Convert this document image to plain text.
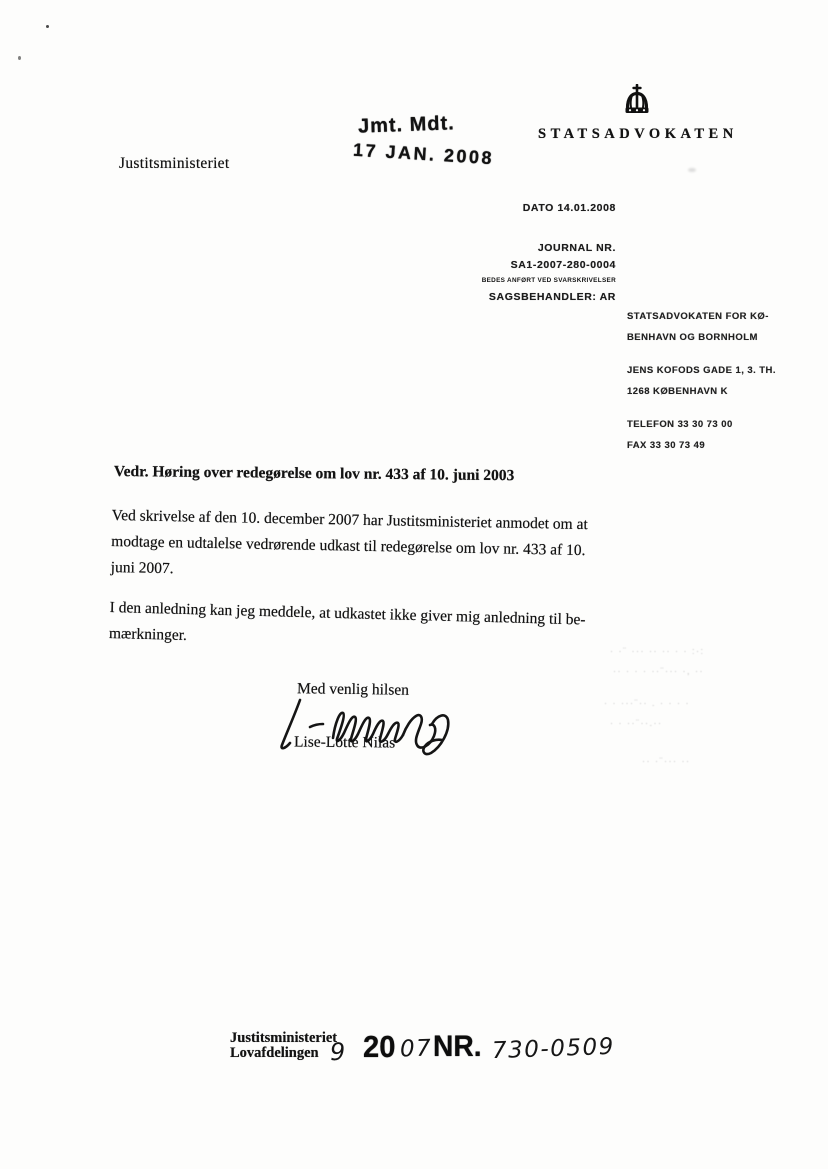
Justitsministeriet
Jmt. Mdt.
17 JAN. 2008
STATSADVOKATEN
DATO 14.01.2008
JOURNAL NR.
SA1-2007-280-0004
BEDES ANFØRT VED SVARSKRIVELSER
SAGSBEHANDLER: AR
STATSADVOKATEN FOR KØ-
BENHAVN OG BORNHOLM
JENS KOFODS GADE 1, 3. TH.
1268 KØBENHAVN K
TELEFON 33 30 73 00
FAX 33 30 73 49
Vedr. Høring over redegørelse om lov nr. 433 af 10. juni 2003
Ved skrivelse af den 10. december 2007 har Justitsministeriet anmodet om at
modtage en udtalelse vedrørende udkast til redegørelse om lov nr. 433 af 10.
juni 2007.
I den anledning kan jeg meddele, at udkastet ikke giver mig anledning til be-
mærkninger.
Med venlig hilsen
Lise-Lotte Nilas
· ·¨ ··· ·· ·· · · :·:
·· · · · ··¨··· ·, ··
· · ···¨·· . · · · ·
· · ··¨··.··
·· ·¨··· ··
Justitsministeriet
Lovafdelingen 9 20 07 NR. 730-0509
